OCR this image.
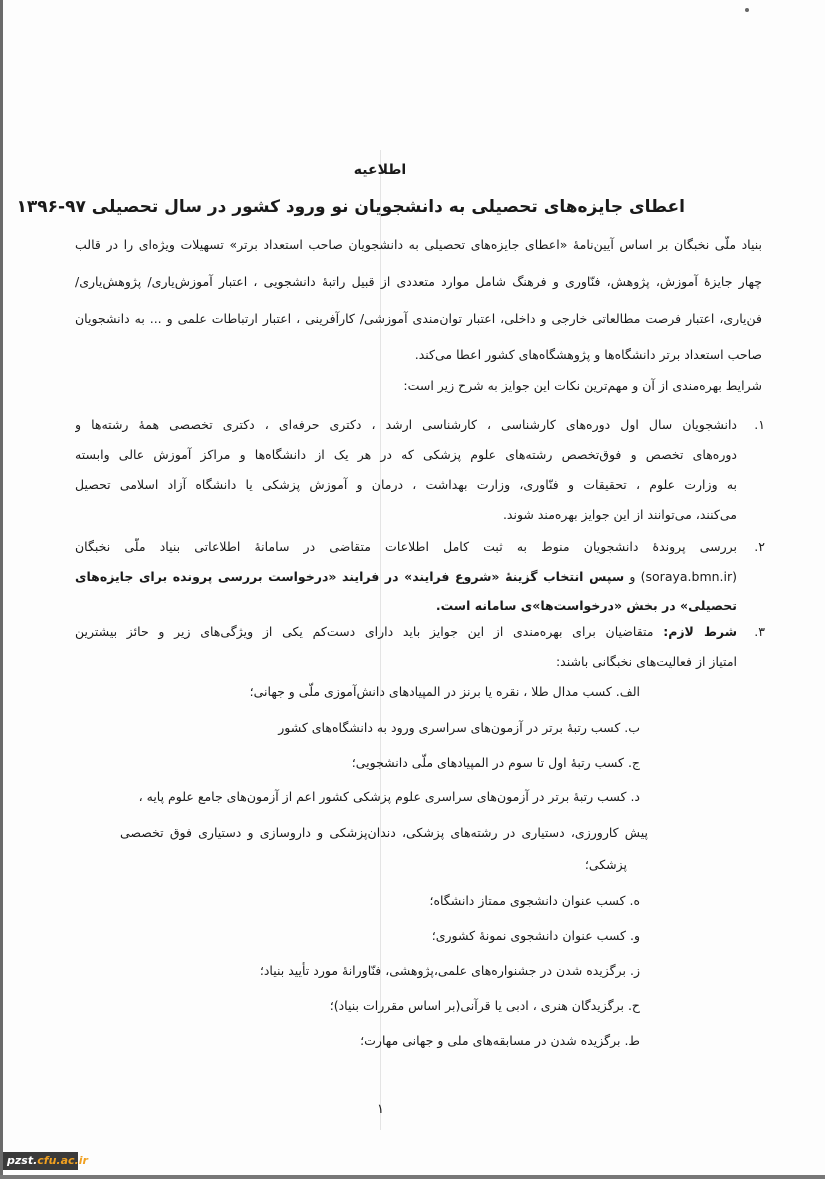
اطلاعیه
اعطای جایزه‌های تحصیلی به دانشجویان نو ورود کشور در سال تحصیلی ۹۷-۱۳۹۶
بنیاد ملّی نخبگان بر اساس آیین‌نامهٔ «اعطای جایزه‌های تحصیلی به دانشجویان صاحب استعداد برتر» تسهیلات ویژه‌ای را در قالب
چهار جایزهٔ آموزش، پژوهش، فنّاوری و فرهنگ شامل موارد متعددی از قبیل راتبهٔ دانشجویی ، اعتبار آموزش‌یاری/ پژوهش‌یاری/
فن‌یاری، اعتبار فرصت مطالعاتی خارجی و داخلی، اعتبار توان‌مندی آموزشی/ کارآفرینی ، اعتبار ارتباطات علمی و ... به دانشجویان
صاحب استعداد برتر دانشگاه‌ها و پژوهشگاه‌های کشور اعطا می‌کند.
شرایط بهره‌مندی از آن و مهم‌ترین نکات این جوایز به شرح زیر است:
۱.
دانشجویان سال اول دوره‌های کارشناسی ، کارشناسی ارشد ، دکتری حرفه‌ای ، دکتری تخصصی همهٔ رشته‌ها و
دوره‌های تخصص و فوق‌تخصص رشته‌های علوم پزشکی که در هر یک از دانشگاه‌ها و مراکز آموزش عالی وابسته
به وزارت علوم ، تحقیقات و فنّاوری، وزارت بهداشت ، درمان و آموزش پزشکی یا دانشگاه آزاد اسلامی تحصیل
می‌کنند، می‌توانند از این جوایز بهره‌مند شوند.
۲.
بررسی پروندهٔ دانشجویان منوط به ثبت کامل اطلاعات متقاضی در سامانهٔ اطلاعاتی بنیاد ملّی نخبگان
(soraya.bmn.ir) و سپس انتخاب گزینهٔ «شروع فرایند» در فرایند «درخواست بررسی پرونده برای جایزه‌های
تحصیلی» در بخش «درخواست‌ها»ی سامانه است.
۳.
شرط لازم: متقاضیان برای بهره‌مندی از این جوایز باید دارای دست‌کم یکی از ویژگی‌های زیر و حائز بیشترین
امتیاز از فعالیت‌های نخبگانی باشند:
الف. کسب مدال طلا ، نقره یا برنز در المپیادهای دانش‌آموزی ملّی و جهانی؛
ب. کسب رتبهٔ برتر در آزمون‌های سراسری ورود به دانشگاه‌های کشور
ج. کسب رتبهٔ اول تا سوم در المپیادهای ملّی دانشجویی؛
د. کسب رتبهٔ برتر در آزمون‌های سراسری علوم پزشکی کشور اعم از آزمون‌های جامع علوم پایه ،
پیش کارورزی، دستیاری در رشته‌های پزشکی، دندان‌پزشکی و داروسازی و دستیاری فوق تخصصی
پزشکی؛
ه. کسب عنوان دانشجوی ممتاز دانشگاه؛
و. کسب عنوان دانشجوی نمونهٔ کشوری؛
ز. برگزیده شدن در جشنواره‌های علمی،پژوهشی، فنّاورانهٔ مورد تأیید بنیاد؛
ح. برگزیدگان هنری ، ادبی یا قرآنی(بر اساس مقررات بنیاد)؛
ط. برگزیده شدن در مسابقه‌های ملی و جهانی مهارت؛
۱
pzst.cfu.ac.ir
